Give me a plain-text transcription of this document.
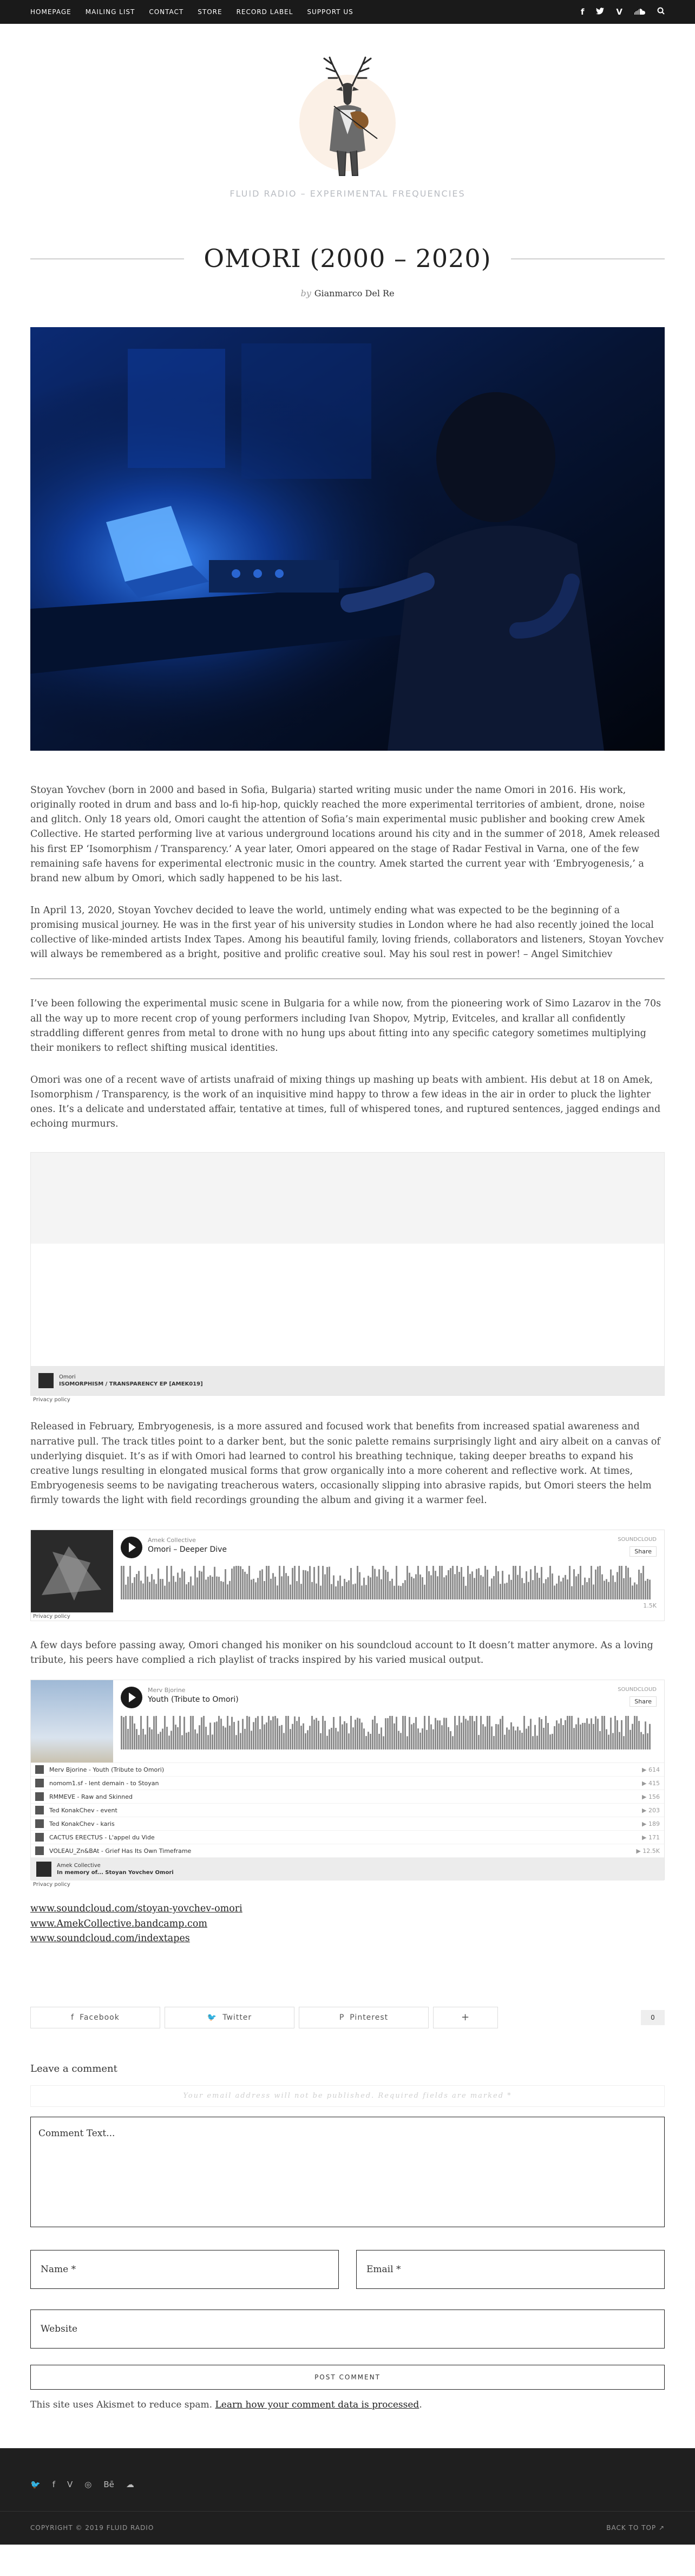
HOMEPAGE MAILING LIST CONTACT STORE RECORD LABEL SUPPORT US	f	V
FLUID RADIO – EXPERIMENTAL FREQUENCIES
OMORI (2000 – 2020)
by Gianmarco Del Re

Stoyan Yovchev (born in 2000 and based in Sofia, Bulgaria) started writing music under the name Omori in 2016. His work, originally rooted in drum and bass and lo-fi hip-hop, quickly reached the more experimental territories of ambient, drone, noise and glitch. Only 18 years old, Omori caught the attention of Sofia’s main experimental music publisher and booking crew Amek Collective. He started performing live at various underground locations around his city and in the summer of 2018, Amek released his first EP ‘Isomorphism / Transparency.’ A year later, Omori appeared on the stage of Radar Festival in Varna, one of the few remaining safe havens for experimental electronic music in the country. Amek started the current year with ‘Embryogenesis,’ a brand new album by Omori, which sadly happened to be his last.

In April 13, 2020, Stoyan Yovchev decided to leave the world, untimely ending what was expected to be the beginning of a promising musical journey. He was in the first year of his university studies in London where he had also recently joined the local collective of like-minded artists Index Tapes. Among his beautiful family, loving friends, collaborators and listeners, Stoyan Yovchev will always be remembered as a bright, positive and prolific creative soul. May his soul rest in power! – Angel Simitchiev

I’ve been following the experimental music scene in Bulgaria for a while now, from the pioneering work of Simo Lazarov in the 70s all the way up to more recent crop of young performers including Ivan Shopov, Mytrip, Evitceles, and krallar all confidently straddling different genres from metal to drone with no hung ups about fitting into any specific category sometimes multiplying their monikers to reflect shifting musical identities.

Omori was one of a recent wave of artists unafraid of mixing things up mashing up beats with ambient. His debut at 18 on Amek, Isomorphism / Transparency, is the work of an inquisitive mind happy to throw a few ideas in the air in order to pluck the lighter ones. It’s a delicate and understated affair, tentative at times, full of whispered tones, and ruptured sentences, jagged endings and echoing murmurs.

Omori
ISOMORPHISM / TRANSPARENCY EP [AMEK019]
Privacy policy

Released in February, Embryogenesis, is a more assured and focused work that benefits from increased spatial awareness and narrative pull. The track titles point to a darker bent, but the sonic palette remains surprisingly light and airy albeit on a canvas of underlying disquiet. It’s as if with Omori had learned to control his breathing technique, taking deeper breaths to expand his creative lungs resulting in elongated musical forms that grow organically into a more coherent and reflective work. At times, Embryogenesis seems to be navigating treacherous waters, occasionally slipping into abrasive rapids, but Omori steers the helm firmly towards the light with field recordings grounding the album and giving it a warmer feel.

Amek Collective
Omori – Deeper Dive
SOUNDCLOUD
Share
1.5K
Privacy policy

A few days before passing away, Omori changed his moniker on his soundcloud account to It doesn’t matter anymore. As a loving tribute, his peers have complied a rich playlist of tracks inspired by his varied musical output.

Merv Bjorine
Youth (Tribute to Omori)
SOUNDCLOUD
Share
Merv Bjorine - Youth (Tribute to Omori)	▶ 614
nomom1.sf - lent demain - to Stoyan	▶ 415
RMMEVE - Raw and Skinned	▶ 156
Ted KonakChev - event	▶ 203
Ted KonakChev - karis	▶ 189
CACTUS ERECTUS - L'appel du Vide	▶ 171
VOLEAU_Zn&BAt - Grief Has Its Own Timeframe	▶ 12.5K
Amek Collective
In memory of... Stoyan Yovchev Omori
Privacy policy
www.soundcloud.com/stoyan-yovchev-omori
www.AmekCollective.bandcamp.com
www.soundcloud.com/indextapes
f Facebook	🐦 Twitter	P Pinterest	+	0
Leave a comment
Your email address will not be published. Required fields are marked *
Comment Text...
Name *	Email *
Website
POST COMMENT
This site uses Akismet to reduce spam. Learn how your comment data is processed.
🐦 f V ◎ Bē ☁
COPYRIGHT © 2019 FLUID RADIO	BACK TO TOP ↗
